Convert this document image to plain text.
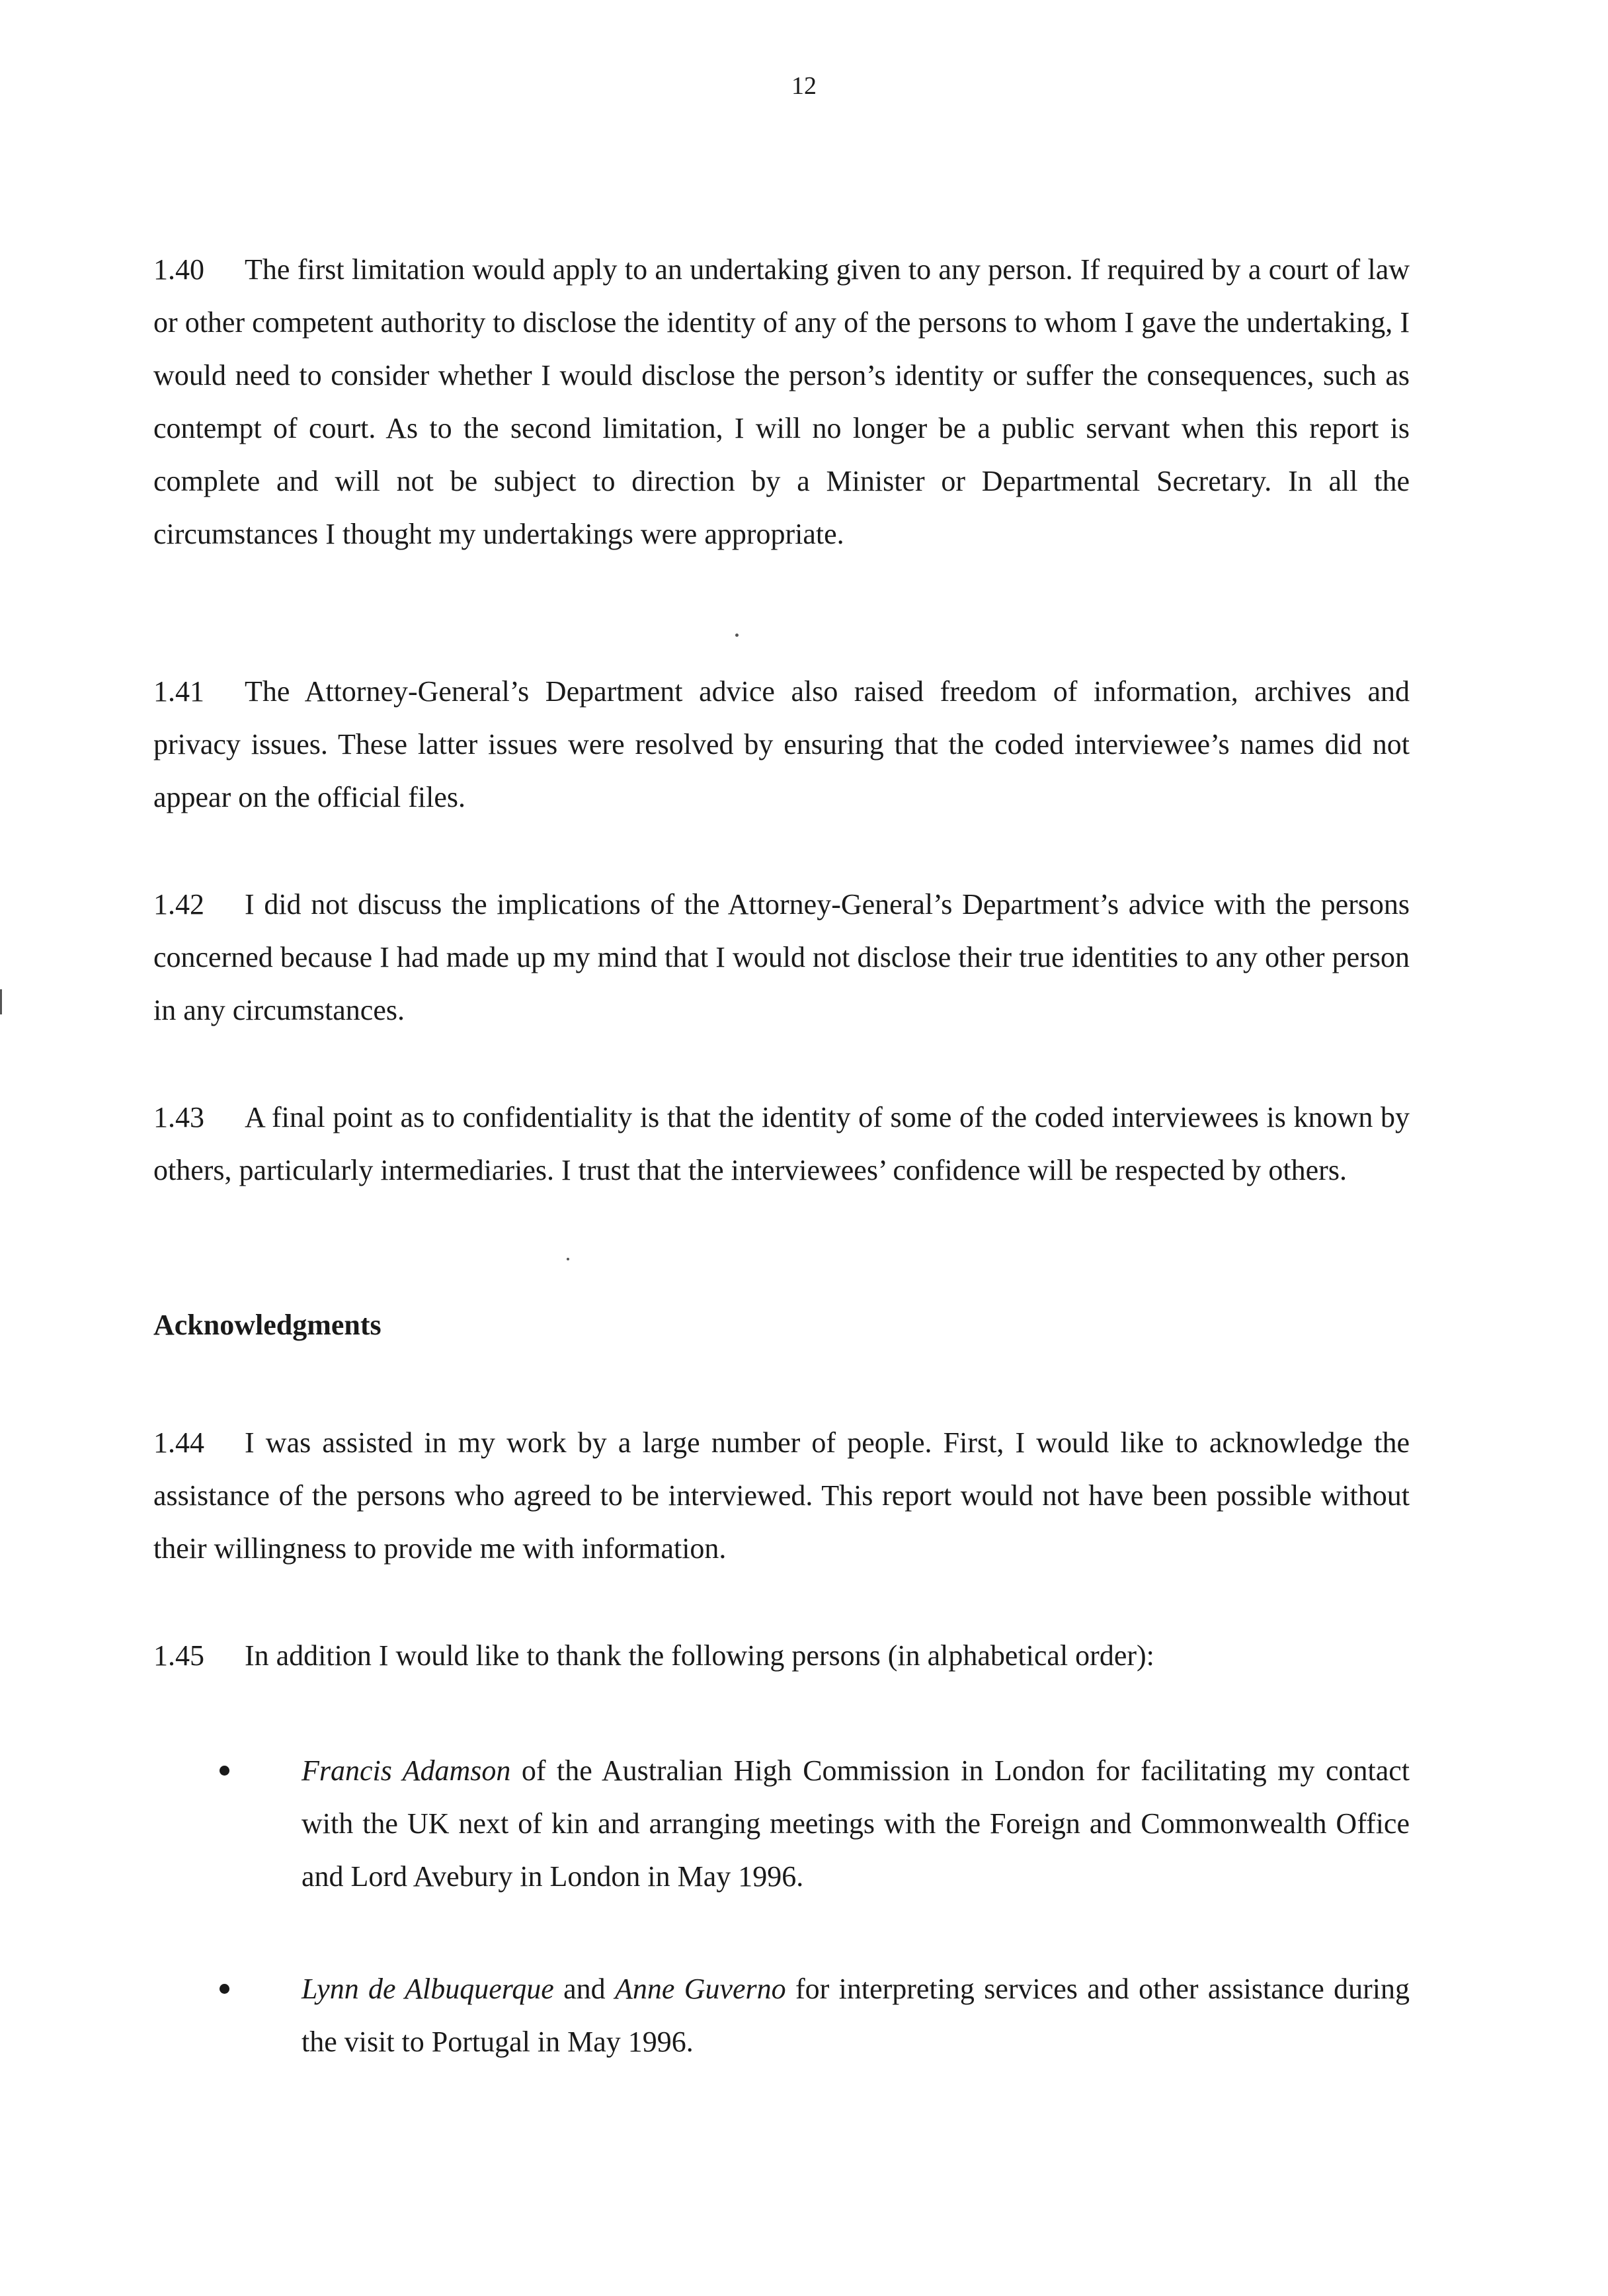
12

1.40 The first limitation would apply to an undertaking given to any person. If required by a court of law or other competent authority to disclose the identity of any of the persons to whom I gave the undertaking, I would need to consider whether I would disclose the person’s identity or suffer the consequences, such as contempt of court. As to the second limitation, I will no longer be a public servant when this report is complete and will not be subject to direction by a Minister or Departmental Secretary. In all the circumstances I thought my undertakings were appropriate.

1.41 The Attorney-General’s Department advice also raised freedom of information, archives and privacy issues. These latter issues were resolved by ensuring that the coded interviewee’s names did not appear on the official files.

1.42 I did not discuss the implications of the Attorney-General’s Department’s advice with the persons concerned because I had made up my mind that I would not disclose their true identities to any other person in any circumstances.

1.43 A final point as to confidentiality is that the identity of some of the coded interviewees is known by others, particularly intermediaries. I trust that the interviewees’ confidence will be respected by others.

Acknowledgments

1.44 I was assisted in my work by a large number of people. First, I would like to acknowledge the assistance of the persons who agreed to be interviewed. This report would not have been possible without their willingness to provide me with information.

1.45 In addition I would like to thank the following persons (in alphabetical order):

Francis Adamson of the Australian High Commission in London for facilitating my contact with the UK next of kin and arranging meetings with the Foreign and Commonwealth Office and Lord Avebury in London in May 1996.

Lynn de Albuquerque and Anne Guverno for interpreting services and other assistance during the visit to Portugal in May 1996.
